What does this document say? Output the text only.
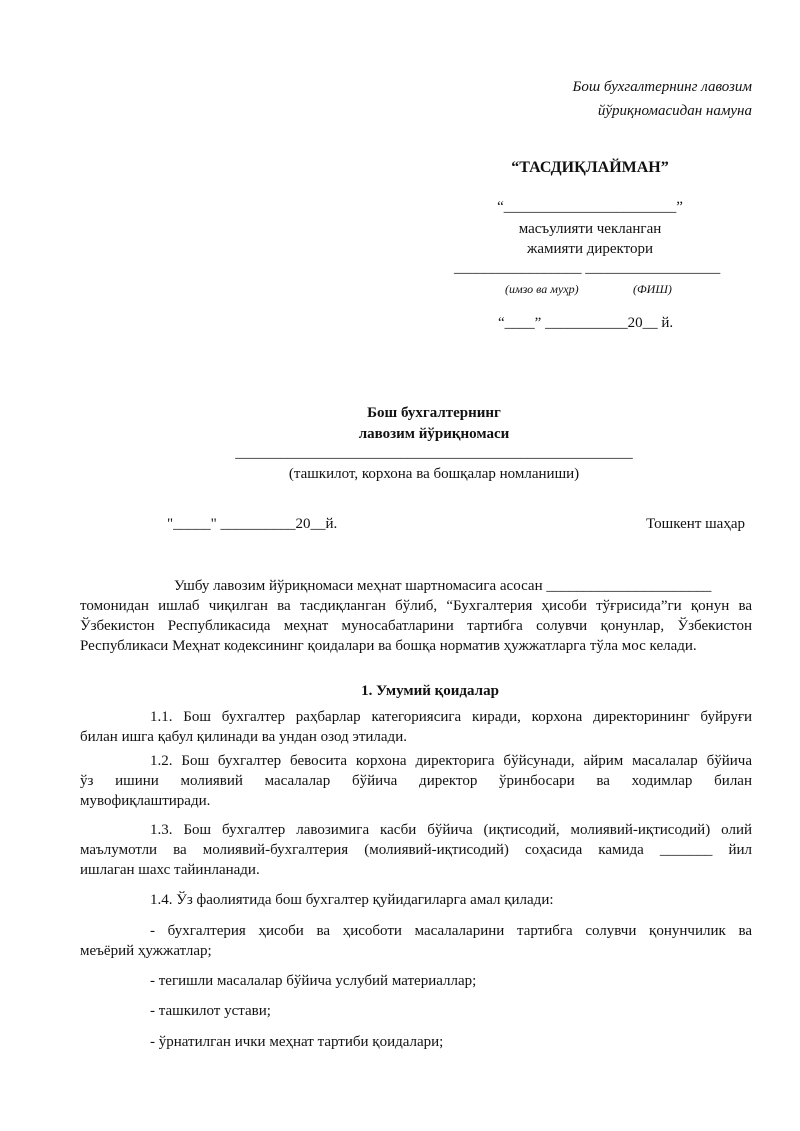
Бош бухгалтернинг лавозим
йўриқномасидан намуна
“ТАСДИҚЛАЙМАН”
“_______________________”
масъулияти чекланган
жамияти директори
_________________ __________________
(имзо ва муҳр)	(ФИШ)
“____” ___________20__ й.
Бош бухгалтернинг
лавозим йўриқномаси
_____________________________________________________
(ташкилот, корхона ва бошқалар номланиши)
"_____" __________20__й.	Тошкент шаҳар
Ушбу лавозим йўриқномаси меҳнат шартномасига асосан ______________________
томонидан ишлаб чиқилган ва тасдиқланган бўлиб, “Бухгалтерия ҳисоби тўғрисида”ги қонун ва
Ўзбекистон Республикасида меҳнат муносабатларини тартибга солувчи қонунлар, Ўзбекистон
Республикаси Меҳнат кодексининг қоидалари ва бошқа норматив ҳужжатларга тўла мос келади.
1. Умумий қоидалар
1.1. Бош бухгалтер раҳбарлар категориясига киради, корхона директорининг буйруғи
билан ишга қабул қилинади ва ундан озод этилади.
1.2. Бош бухгалтер бевосита корхона директорига бўйсунади, айрим масалалар бўйича
ўз ишини молиявий масалалар бўйича директор ўринбосари ва ходимлар билан
мувофиқлаштиради.
1.3. Бош бухгалтер лавозимига касби бўйича (иқтисодий, молиявий-иқтисодий) олий
маълумотли ва молиявий-бухгалтерия (молиявий-иқтисодий) соҳасида камида _______ йил
ишлаган шахс тайинланади.
1.4. Ўз фаолиятида бош бухгалтер қуйидагиларга амал қилади:
- бухгалтерия ҳисоби ва ҳисоботи масалаларини тартибга солувчи қонунчилик ва
меъёрий ҳужжатлар;
- тегишли масалалар бўйича услубий материаллар;
- ташкилот устави;
- ўрнатилган ички меҳнат тартиби қоидалари;
